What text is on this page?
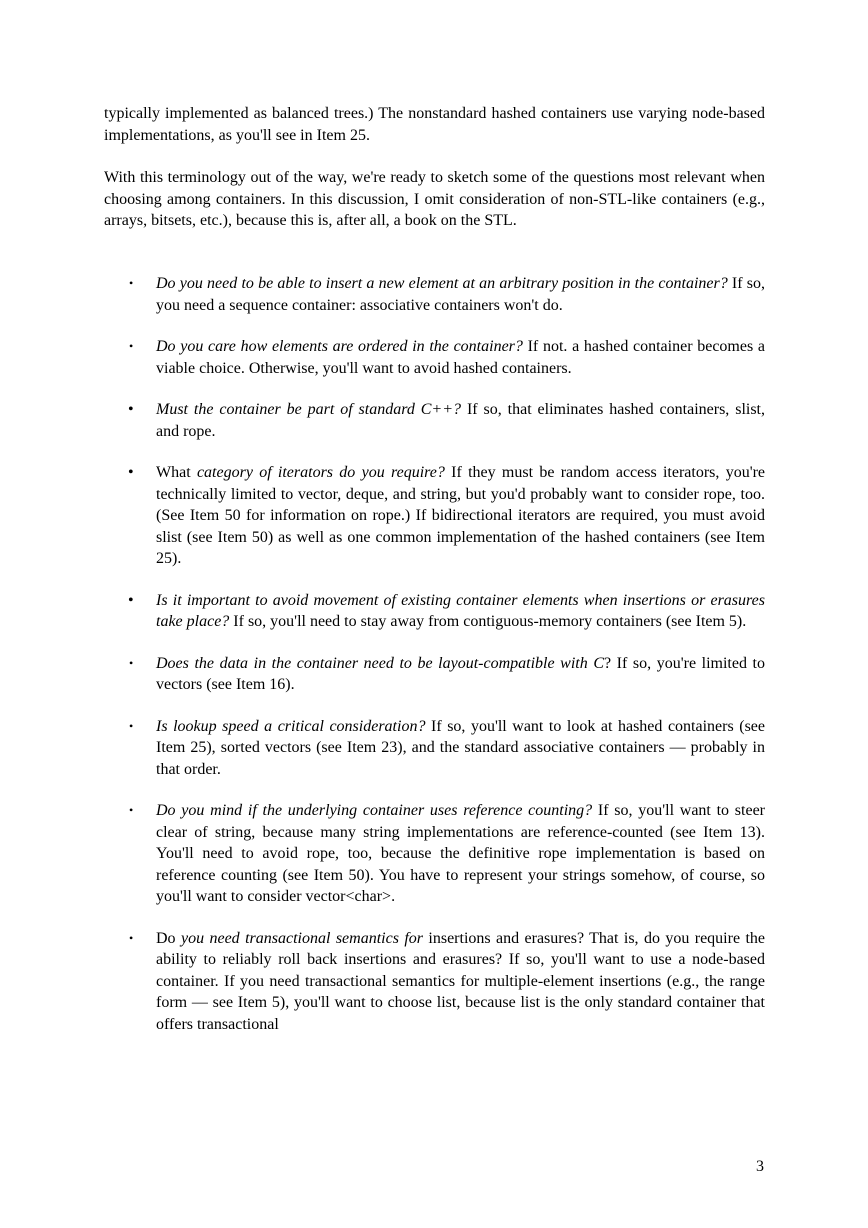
typically implemented as balanced trees.) The nonstandard hashed containers use varying node-based implementations, as you'll see in Item 25.

With this terminology out of the way, we're ready to sketch some of the questions most relevant when choosing among containers. In this discussion, I omit consideration of non-STL-like containers (e.g., arrays, bitsets, etc.), because this is, after all, a book on the STL.

• Do you need to be able to insert a new element at an arbitrary position in the container? If so, you need a sequence container: associative containers won't do.
• Do you care how elements are ordered in the container? If not. a hashed container becomes a viable choice. Otherwise, you'll want to avoid hashed containers.
• Must the container be part of standard C++? If so, that eliminates hashed containers, slist, and rope.
• What category of iterators do you require? If they must be random access iterators, you're technically limited to vector, deque, and string, but you'd probably want to consider rope, too. (See Item 50 for information on rope.) If bidirectional iterators are required, you must avoid slist (see Item 50) as well as one common implementation of the hashed containers (see Item 25).
• Is it important to avoid movement of existing container elements when insertions or erasures take place? If so, you'll need to stay away from contiguous-memory containers (see Item 5).
• Does the data in the container need to be layout-compatible with C? If so, you're limited to vectors (see Item 16).
• Is lookup speed a critical consideration? If so, you'll want to look at hashed containers (see Item 25), sorted vectors (see Item 23), and the standard associative containers — probably in that order.
• Do you mind if the underlying container uses reference counting? If so, you'll want to steer clear of string, because many string implementations are reference-counted (see Item 13). You'll need to avoid rope, too, because the definitive rope implementation is based on reference counting (see Item 50). You have to represent your strings somehow, of course, so you'll want to consider vector<char>.
• Do you need transactional semantics for insertions and erasures? That is, do you require the ability to reliably roll back insertions and erasures? If so, you'll want to use a node-based container. If you need transactional semantics for multiple-element insertions (e.g., the range form — see Item 5), you'll want to choose list, because list is the only standard container that offers transactional
3
